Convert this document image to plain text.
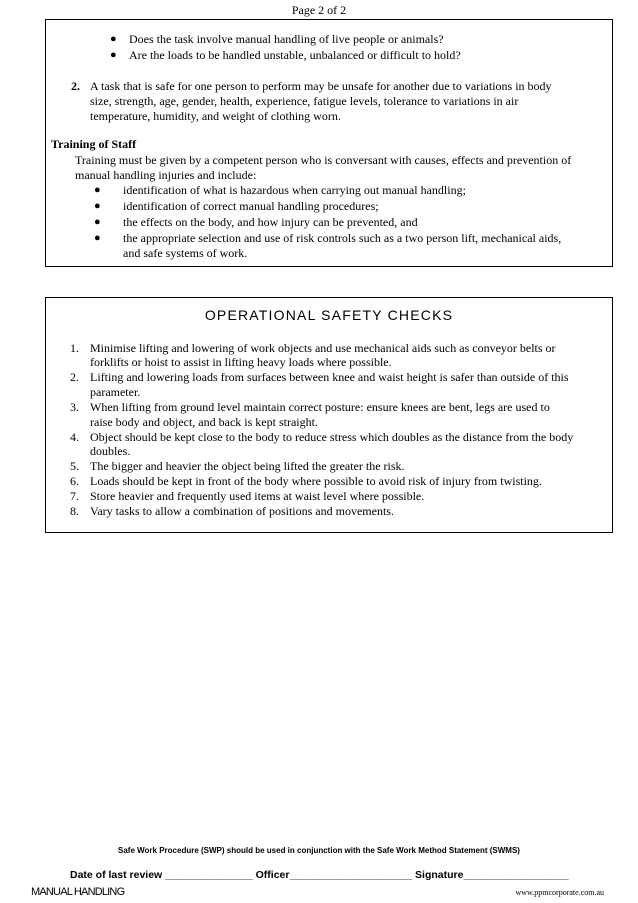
Page 2 of 2
● Does the task involve manual handling of live people or animals?
● Are the loads to be handled unstable, unbalanced or difficult to hold?
2. A task that is safe for one person to perform may be unsafe for another due to variations in body
size, strength, age, gender, health, experience, fatigue levels, tolerance to variations in air
temperature, humidity, and weight of clothing worn.
Training of Staff
Training must be given by a competent person who is conversant with causes, effects and prevention of
manual handling injuries and include:
● identification of what is hazardous when carrying out manual handling;
● identification of correct manual handling procedures;
● the effects on the body, and how injury can be prevented, and
● the appropriate selection and use of risk controls such as a two person lift, mechanical aids,
and safe systems of work.
OPERATIONAL SAFETY CHECKS
1. Minimise lifting and lowering of work objects and use mechanical aids such as conveyor belts or
forklifts or hoist to assist in lifting heavy loads where possible.
2. Lifting and lowering loads from surfaces between knee and waist height is safer than outside of this
parameter.
3. When lifting from ground level maintain correct posture: ensure knees are bent, legs are used to
raise body and object, and back is kept straight.
4. Object should be kept close to the body to reduce stress which doubles as the distance from the body
doubles.
5. The bigger and heavier the object being lifted the greater the risk.
6. Loads should be kept in front of the body where possible to avoid risk of injury from twisting.
7. Store heavier and frequently used items at waist level where possible.
8. Vary tasks to allow a combination of positions and movements.
Safe Work Procedure (SWP) should be used in conjunction with the Safe Work Method Statement (SWMS)
Date of last review _______________ Officer_____________________ Signature__________________
MANUAL HANDLING	www.ppmcorporate.com.au
